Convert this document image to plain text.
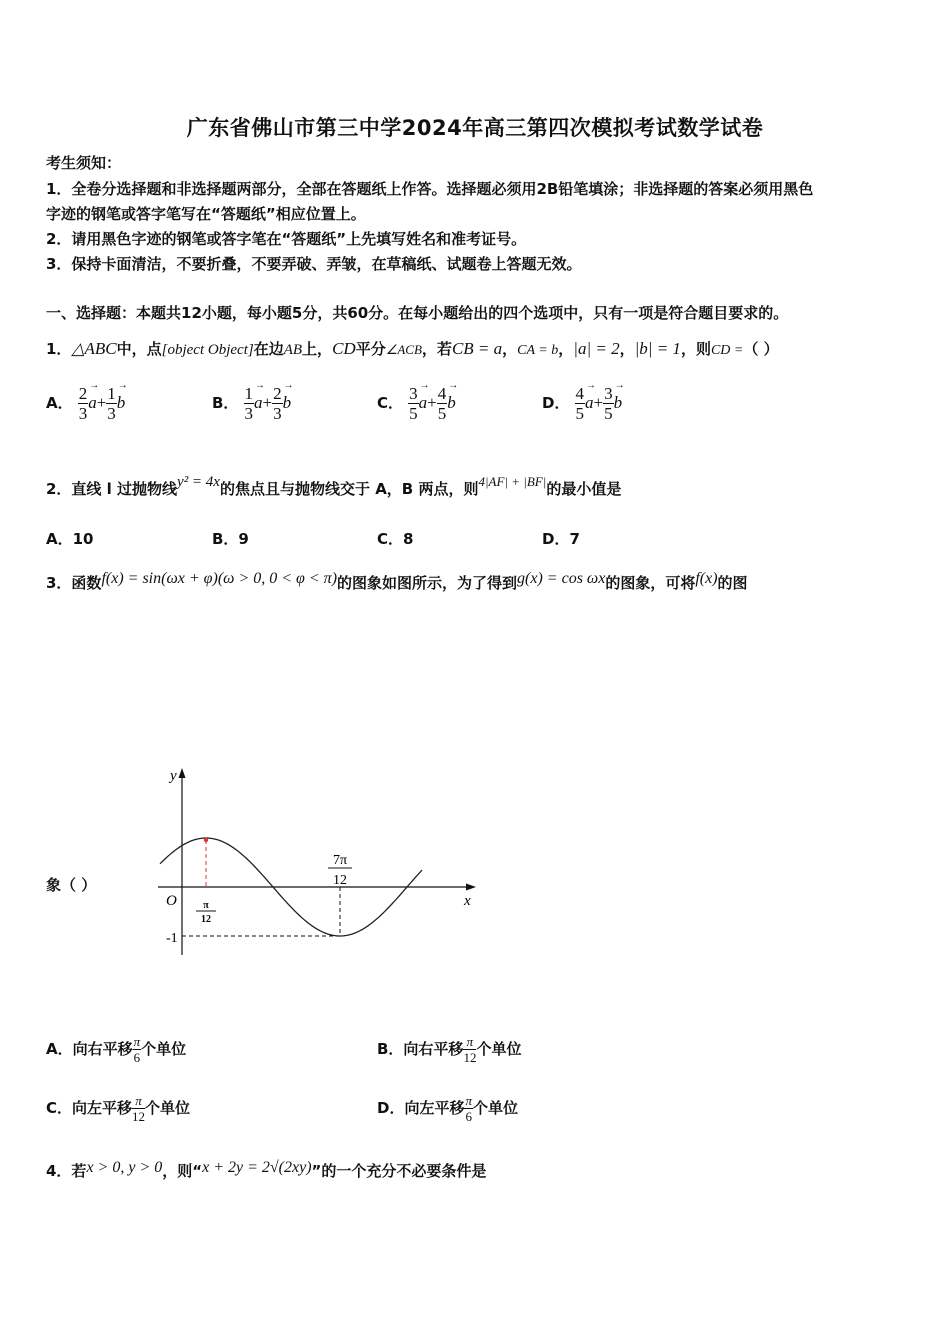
广东省佛山市第三中学2024年高三第四次模拟考试数学试卷
考生须知：
1．全卷分选择题和非选择题两部分，全部在答题纸上作答。选择题必须用2B铅笔填涂；非选择题的答案必须用黑色
字迹的钢笔或答字笔写在“答题纸”相应位置上。
2．请用黑色字迹的钢笔或答字笔在“答题纸”上先填写姓名和准考证号。
3．保持卡面清洁，不要折叠，不要弄破、弄皱，在草稿纸、试题卷上答题无效。
一、选择题：本题共12小题，每小题5分，共60分。在每小题给出的四个选项中，只有一项是符合题目要求的。
1．△ABC中，点[object Object]在边AB上，CD平分∠ACB，若CB = a，CA = b，|a| = 2，|b| = 1，则CD =（ ）
A． $\frac{2}{3}$
→ $a+ \frac{1}{3}$
→ b	B． $\frac{1}{3}$
→ $a+ \frac{2}{3}$
→ b	C． $\frac{3}{5}$
→ $a+ \frac{4}{5}$
→ b	D． $\frac{4}{5}$
→ $a+ \frac{3}{5}$
→ b
2．直线 l 过抛物线y² = 4x的焦点且与抛物线交于 A，B 两点，则4|AF| + |BF|的最小值是
A．10	B．9	C．8	D．7
3．函数f(x) = sin(ωx + φ)(ω > 0, 0 < φ < π)的图象如图所示，为了得到g(x) = cos ωx的图象，可将f(x)的图
象（ ）
y
x
O
-1
π
12
7π
12
A．向右平移 $\frac{\pi}{6}$ 个单位	B．向右平移 $\frac{\pi}{12}$ 个单位
C．向左平移 $\frac{\pi}{12}$ 个单位	D．向左平移 $\frac{\pi}{6}$ 个单位
4．若x > 0, y > 0，则“x + 2y = 2√(2xy)”的一个充分不必要条件是
